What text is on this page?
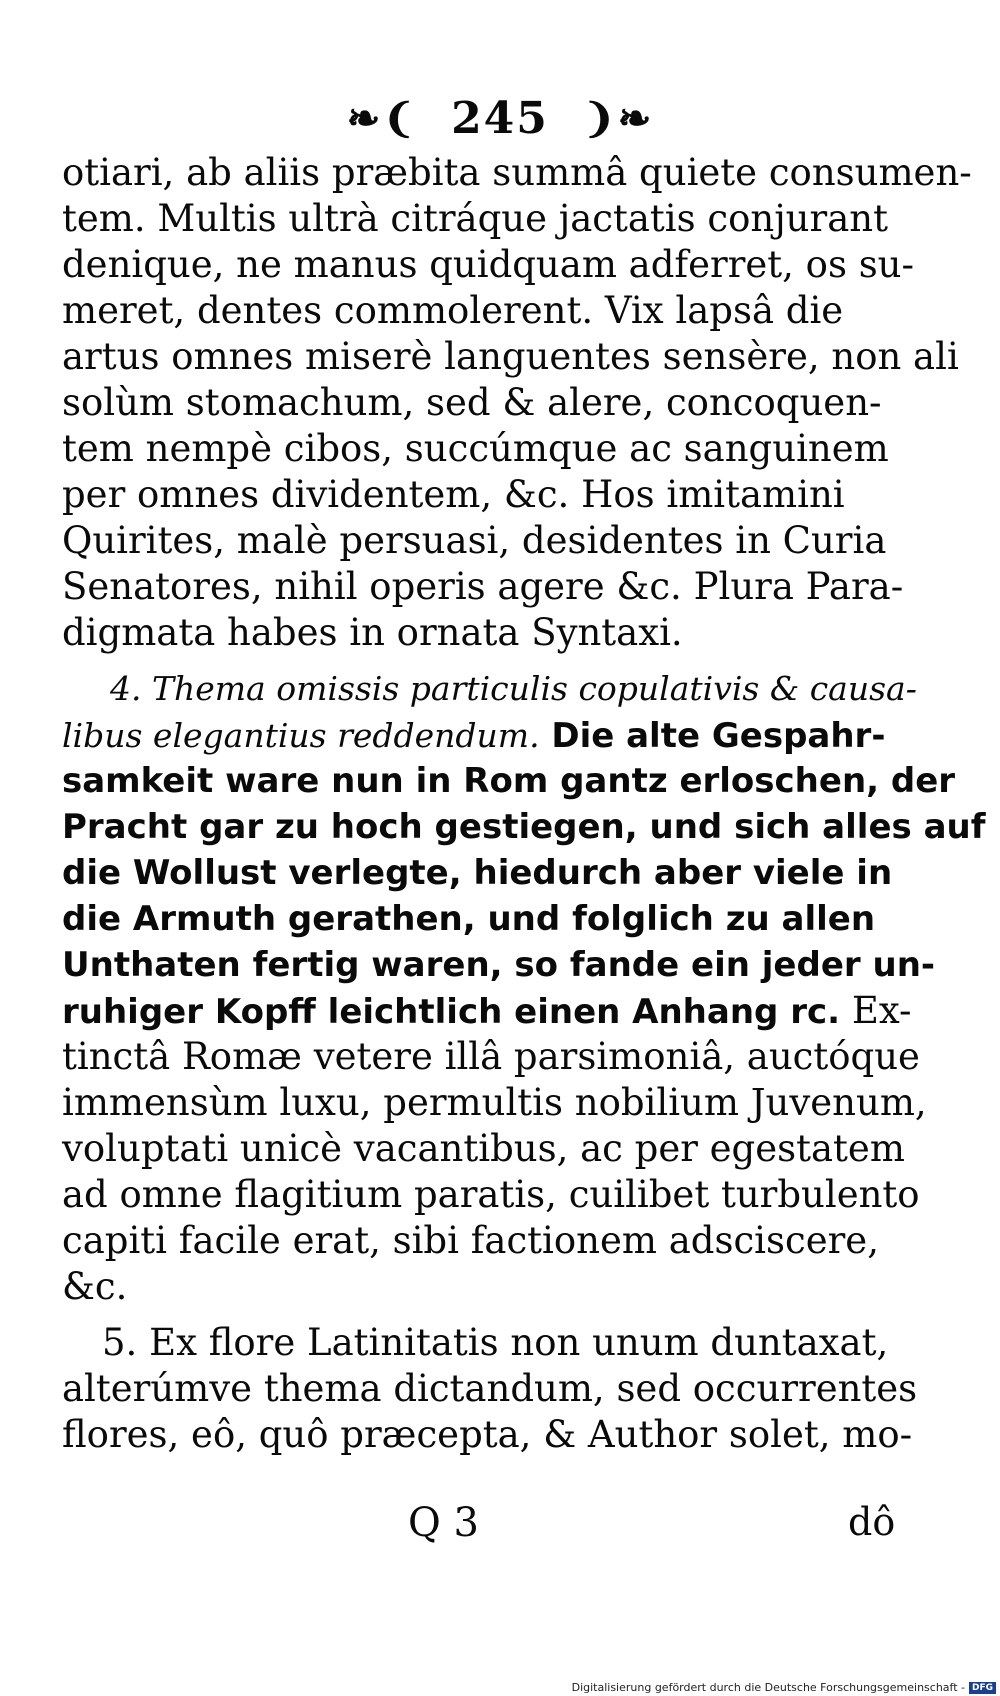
❧❨ 245 ❩❧
otiari, ab aliis præbita summâ quiete consumen-
tem. Multis ultrà citráque jactatis conjurant
denique, ne manus quidquam adferret, os su-
meret, dentes commolerent. Vix lapsâ die
artus omnes miserè languentes sensère, non ali
solùm stomachum, sed & alere, concoquen-
tem nempè cibos, succúmque ac sanguinem
per omnes dividentem, &c. Hos imitamini
Quirites, malè persuasi, desidentes in Curia
Senatores, nihil operis agere &c. Plura Para-
digmata habes in ornata Syntaxi.
4. Thema omissis particulis copulativis & causa-
libus elegantius reddendum. Die alte Gespahr-
samkeit ware nun in Rom gantz erloschen, der
Pracht gar zu hoch gestiegen, und sich alles auf
die Wollust verlegte, hiedurch aber viele in
die Armuth gerathen, und folglich zu allen
Unthaten fertig waren, so fande ein jeder un-
ruhiger Kopff leichtlich einen Anhang rc. Ex-
tinctâ Romæ vetere illâ parsimoniâ, auctóque
immensùm luxu, permultis nobilium Juvenum,
voluptati unicè vacantibus, ac per egestatem
ad omne flagitium paratis, cuilibet turbulento
capiti facile erat, sibi factionem adsciscere,
&c.
5. Ex flore Latinitatis non unum duntaxat,
alterúmve thema dictandum, sed occurrentes
flores, eô, quô præcepta, & Author solet, mo-
Q 3	dô
Digitalisierung gefördert durch die Deutsche Forschungsgemeinschaft - DFG
